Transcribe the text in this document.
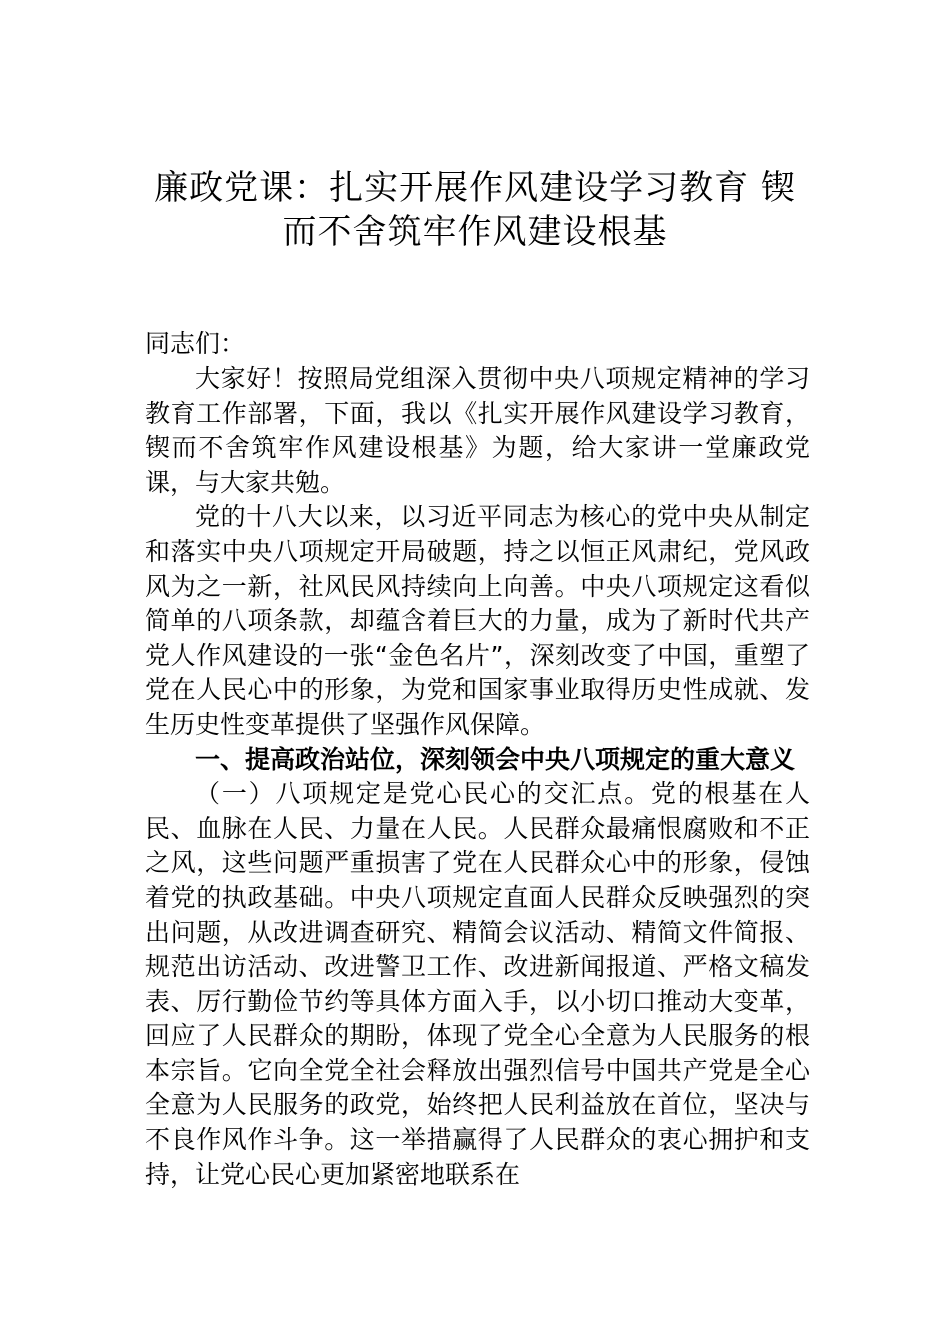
廉政党课：扎实开展作风建设学习教育 锲
而不舍筑牢作风建设根基
同志们：

大家好！按照局党组深入贯彻中央八项规定精神的学习教育工作部署，下面，我以《扎实开展作风建设学习教育，锲而不舍筑牢作风建设根基》为题，给大家讲一堂廉政党课，与大家共勉。

党的十八大以来，以习近平同志为核心的党中央从制定和落实中央八项规定开局破题，持之以恒正风肃纪，党风政风为之一新，社风民风持续向上向善。中央八项规定这看似简单的八项条款，却蕴含着巨大的力量，成为了新时代共产党人作风建设的一张“金色名片”，深刻改变了中国，重塑了党在人民心中的形象，为党和国家事业取得历史性成就、发生历史性变革提供了坚强作风保障。

一、提高政治站位，深刻领会中央八项规定的重大意义

（一）八项规定是党心民心的交汇点。党的根基在人民、血脉在人民、力量在人民。人民群众最痛恨腐败和不正之风，这些问题严重损害了党在人民群众心中的形象，侵蚀着党的执政基础。中央八项规定直面人民群众反映强烈的突出问题，从改进调查研究、精简会议活动、精简文件简报、规范出访活动、改进警卫工作、改进新闻报道、严格文稿发表、厉行勤俭节约等具体方面入手，以小切口推动大变革，回应了人民群众的期盼，体现了党全心全意为人民服务的根本宗旨。它向全党全社会释放出强烈信号中国共产党是全心全意为人民服务的政党，始终把人民利益放在首位，坚决与不良作风作斗争。这一举措赢得了人民群众的衷心拥护和支持，让党心民心更加紧密地联系在
